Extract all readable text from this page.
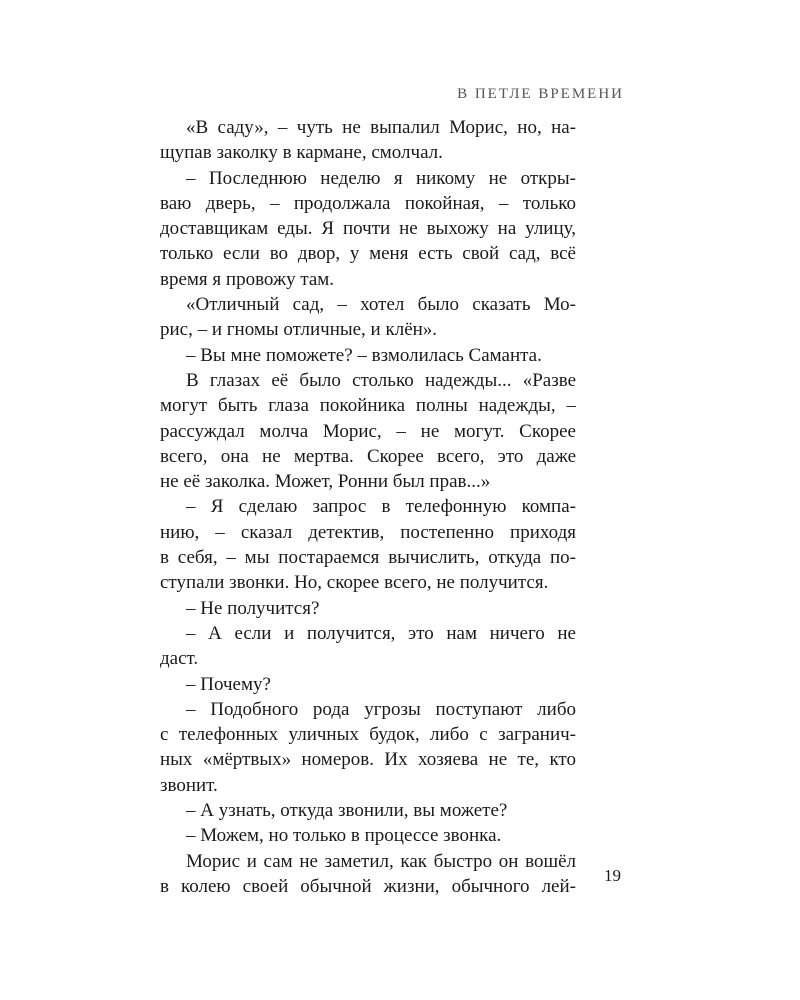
В ПЕТЛЕ ВРЕМЕНИ
«В саду», – чуть не выпалил Морис, но, на-
щупав заколку в кармане, смолчал.
– Последнюю неделю я никому не откры-
ваю дверь, – продолжала покойная, – только
доставщикам еды. Я почти не выхожу на улицу,
только если во двор, у меня есть свой сад, всё
время я провожу там.
«Отличный сад, – хотел было сказать Мо-
рис, – и гномы отличные, и клён».
– Вы мне поможете? – взмолилась Саманта.
В глазах её было столько надежды... «Разве
могут быть глаза покойника полны надежды, –
рассуждал молча Морис, – не могут. Скорее
всего, она не мертва. Скорее всего, это даже
не её заколка. Может, Ронни был прав...»
– Я сделаю запрос в телефонную компа-
нию, – сказал детектив, постепенно приходя
в себя, – мы постараемся вычислить, откуда по-
ступали звонки. Но, скорее всего, не получится.
– Не получится?
– А если и получится, это нам ничего не
даст.
– Почему?
– Подобного рода угрозы поступают либо
с телефонных уличных будок, либо с загранич-
ных «мёртвых» номеров. Их хозяева не те, кто
звонит.
– А узнать, откуда звонили, вы можете?
– Можем, но только в процессе звонка.
Морис и сам не заметил, как быстро он вошёл
в колею своей обычной жизни, обычного лей-
19
